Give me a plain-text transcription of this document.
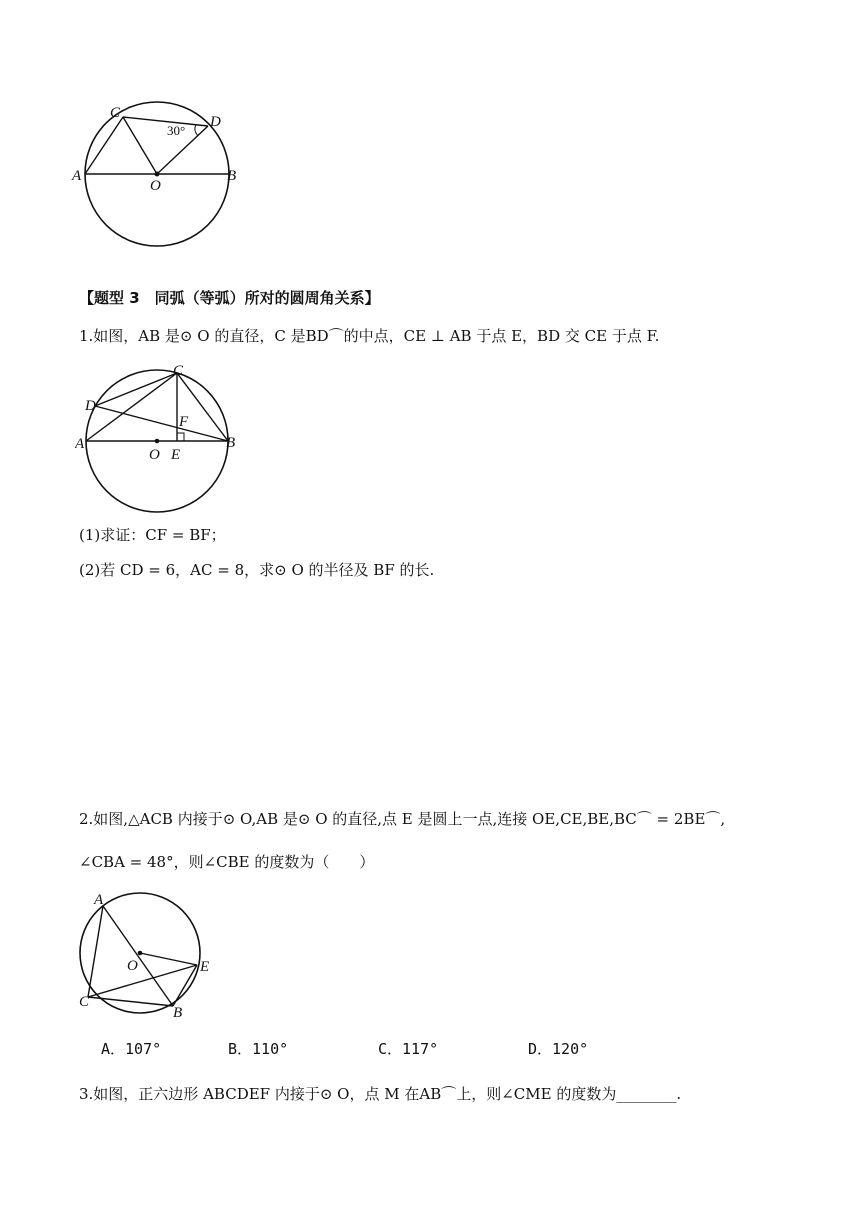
C
D
A
O
B
30°
【题型 3　同弧（等弧）所对的圆周角关系】
1.如图，AB 是⊙ O 的直径，C 是BD⌒的中点，CE ⊥ AB 于点 E，BD 交 CE 于点 F.
C
D
F
A	B
O E
(1)求证：CF = BF；
(2)若 CD = 6，AC = 8，求⊙ O 的半径及 BF 的长.
2.如图,△ACB 内接于⊙ O,AB 是⊙ O 的直径,点 E 是圆上一点,连接 OE,CE,BE,BC⌒ = 2BE⌒,
∠CBA = 48°，则∠CBE 的度数为（　　）
A
O	E
C
B
A．107°	B．110°	C．117°	D．120°
3.如图，正六边形 ABCDEF 内接于⊙ O，点 M 在AB⌒上，则∠CME 的度数为________.
